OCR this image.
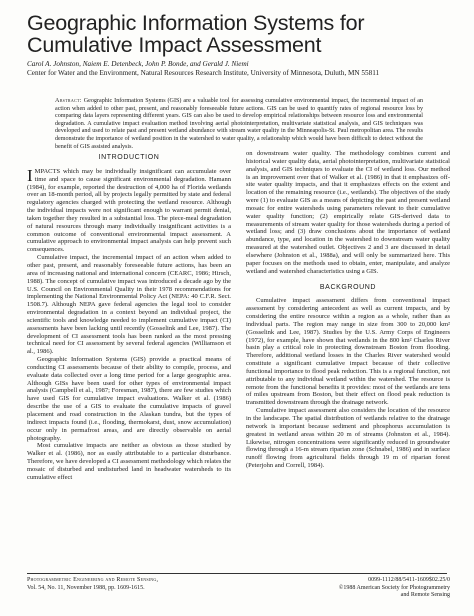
Geographic Information Systems for Cumulative Impact Assessment
Carol A. Johnston, Naiem E. Detenbeck, John P. Bonde, and Gerald J. Niemi
Center for Water and the Environment, Natural Resources Research Institute, University of Minnesota, Duluth, MN 55811
Abstract: Geographic Information Systems (GIS) are a valuable tool for assessing cumulative environmental impact, the incremental impact of an action when added to other past, present, and reasonably foreseeable future actions. GIS can be used to quantify rates of regional resource loss by comparing data layers representing different years. GIS can also be used to develop empirical relationships between resource loss and environmental degradation. A cumulative impact evaluation method involving aerial photointerpretation, multivariate statistical analysis, and GIS techniques was developed and used to relate past and present wetland abundance with stream water quality in the Minneapolis-St. Paul metropolitan area. The results demonstrate the importance of wetland position in the watershed to water quality, a relationship which would have been difficult to detect without the benefit of GIS assisted analysis.
INTRODUCTION

IMPACTS which may be individually insignificant can accumulate over time and space to cause significant environmental degradation. Hamann (1984), for example, reported the destruction of 4,000 ha of Florida wetlands over an 18-month period, all by projects legally permitted by state and federal regulatory agencies charged with protecting the wetland resource. Although the individual impacts were not significant enough to warrant permit denial, taken together they resulted in a substantial loss. The piece-meal degradation of natural resources through many individually insignificant activities is a common outcome of conventional environmental impact assessment. A cumulative approach to environmental impact analysis can help prevent such consequences.

Cumulative impact, the incremental impact of an action when added to other past, present, and reasonably foreseeable future actions, has been an area of increasing national and international concern (CEARC, 1986; Hirsch, 1988). The concept of cumulative impact was introduced a decade ago by the U.S. Council on Environmental Quality in their 1978 recommendations for implementing the National Environmental Policy Act (NEPA: 40 C.F.R. Sect. 1508.7). Although NEPA gave federal agencies the legal tool to consider environmental degradation in a context beyond an individual project, the scientific tools and knowledge needed to implement cumulative impact (CI) assessments have been lacking until recently (Gosselink and Lee, 1987). The development of CI assessment tools has been ranked as the most pressing technical need for CI assessment by several federal agencies (Williamson et al., 1986).

Geographic Information Systems (GIS) provide a practical means of conducting CI assessments because of their ability to compile, process, and evaluate data collected over a long time period for a large geographic area. Although GISs have been used for other types of environmental impact analysis (Campbell et al., 1987; Foresman, 1987), there are few studies which have used GIS for cumulative impact evaluations. Walker et al. (1986) describe the use of a GIS to evaluate the cumulative impacts of gravel placement and road construction in the Alaskan tundra, but the types of indirect impacts found (i.e., flooding, thermokarst, dust, snow accumulation) occur only in permafrost areas, and are directly observable on aerial photography.

Most cumulative impacts are neither as obvious as those studied by Walker et al. (1986), nor as easily attributable to a particular disturbance. Therefore, we have developed a CI assessment methodology which relates the mosaic of disturbed and undisturbed land in headwater watersheds to its cumulative effect

on downstream water quality. The methodology combines current and historical water quality data, aerial photointerpretation, multivariate statistical analysis, and GIS techniques to evaluate the CI of wetland loss. Our method is an improvement over that of Walker et al. (1986) in that it emphasizes off-site water quality impacts, and that it emphasizes effects on the extent and location of the remaining resource (i.e., wetlands). The objectives of the study were (1) to evaluate GIS as a means of depicting the past and present wetland mosaic for entire watersheds using parameters relevant to their cumulative water quality function; (2) empirically relate GIS-derived data to measurements of stream water quality for those watersheds during a period of wetland loss; and (3) draw conclusions about the importance of wetland abundance, type, and location in the watershed to downstream water quality measured at the watershed outlet. Objectives 2 and 3 are discussed in detail elsewhere (Johnston et al., 1988a), and will only be summarized here. This paper focuses on the methods used to obtain, enter, manipulate, and analyze wetland and watershed characteristics using a GIS.

BACKGROUND

Cumulative impact assessment differs from conventional impact assessment by considering antecedent as well as current impacts, and by considering the entire resource within a region as a whole, rather than as individual parts. The region may range in size from 300 to 20,000 km² (Gosselink and Lee, 1987). Studies by the U.S. Army Corps of Engineers (1972), for example, have shown that wetlands in the 800 km² Charles River basin play a critical role in protecting downstream Boston from flooding. Therefore, additional wetland losses in the Charles River watershed would constitute a significant cumulative impact because of their collective functional importance to flood peak reduction. This is a regional function, not attributable to any individual wetland within the watershed. The resource is remote from the functional benefits it provides: most of the wetlands are tens of miles upstream from Boston, but their effect on flood peak reduction is transmitted downstream through the drainage network.

Cumulative impact assessment also considers the location of the resource in the landscape. The spatial distribution of wetlands relative to the drainage network is important because sediment and phosphorus accumulation is greatest in wetland areas within 20 m of streams (Johnston et al., 1984). Likewise, nitrogen concentrations were significantly reduced in groundwater flowing through a 16-m stream riparian zone (Schnabel, 1986) and in surface runoff flowing from agricultural fields through 19 m of riparian forest (Peterjohn and Correll, 1984).

Photogrammetric Engineering and Remote Sensing,
Vol. 54, No. 11, November 1988, pp. 1609-1615.
0099-1112/88/5411-1609$02.25/0
©1988 American Society for Photogrammetry
and Remote Sensing
